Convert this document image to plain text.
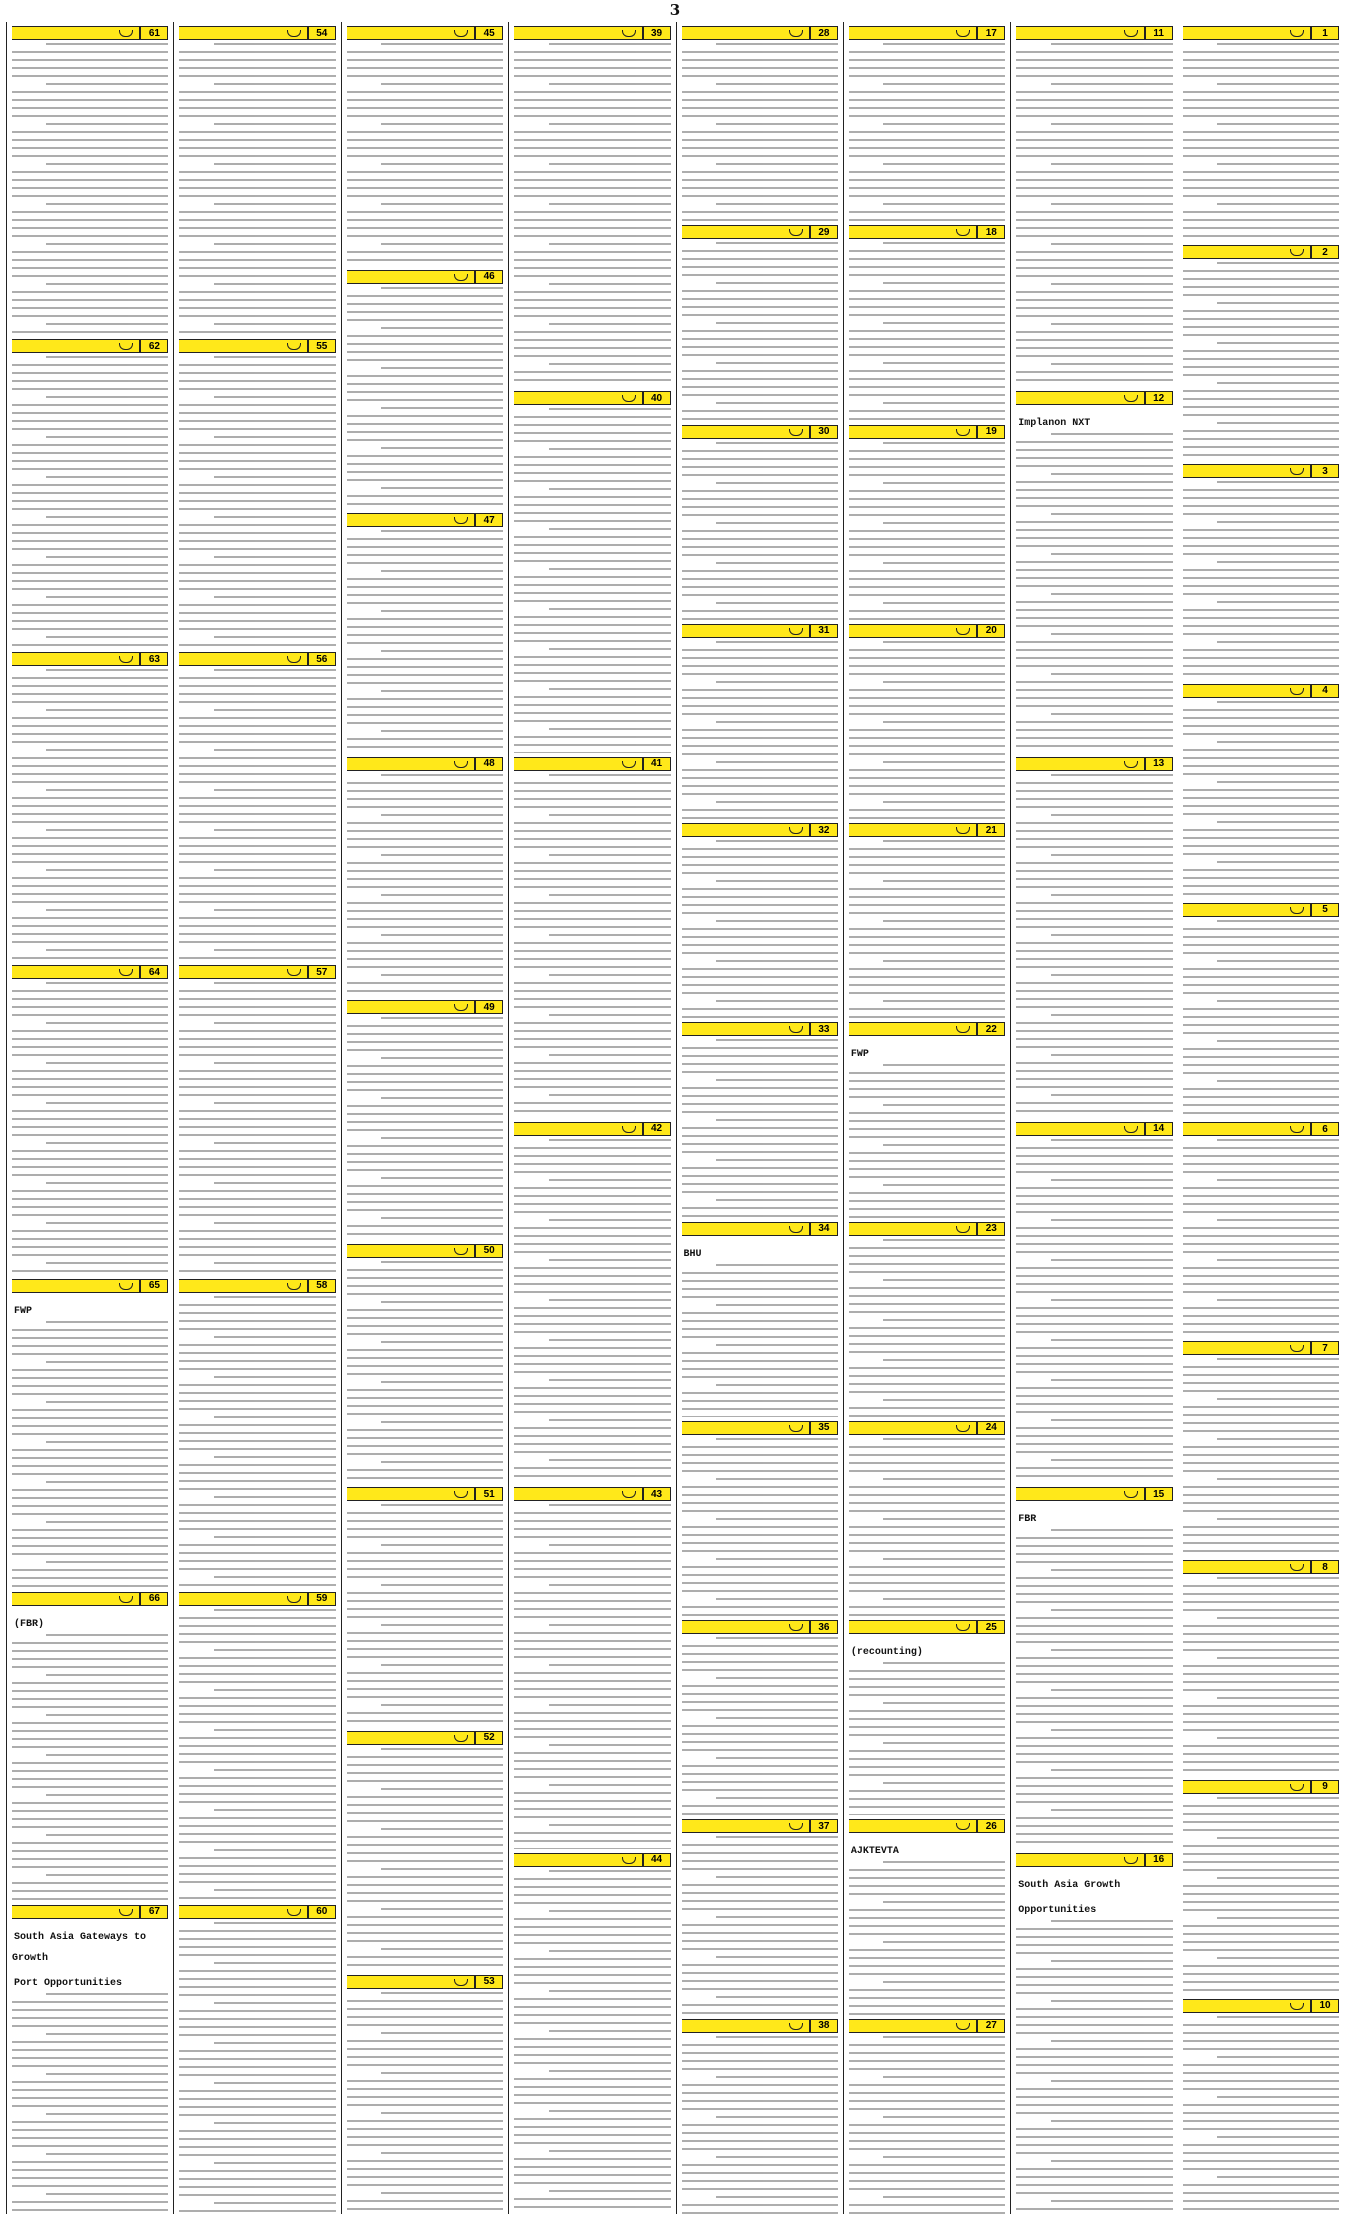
3
1
2
3
4
5
6
7
8
9
10
11
12
Implanon NXT
13
14
15
FBR
16
South Asia Growth
Opportunities
17
18
19
20
21
22
FWP
23
24
25
(recounting)
26
AJKTEVTA
27
28
29
30
31
32
33
34
BHU
35
36
37
38
39
40
41
42
43
44
45
46
47
48
49
50
51
52
53
54
55
56
57
58
59
60
61
62
63
64
65
FWP
66
(FBR)
67
South Asia Gateways to Growth
Port Opportunities
